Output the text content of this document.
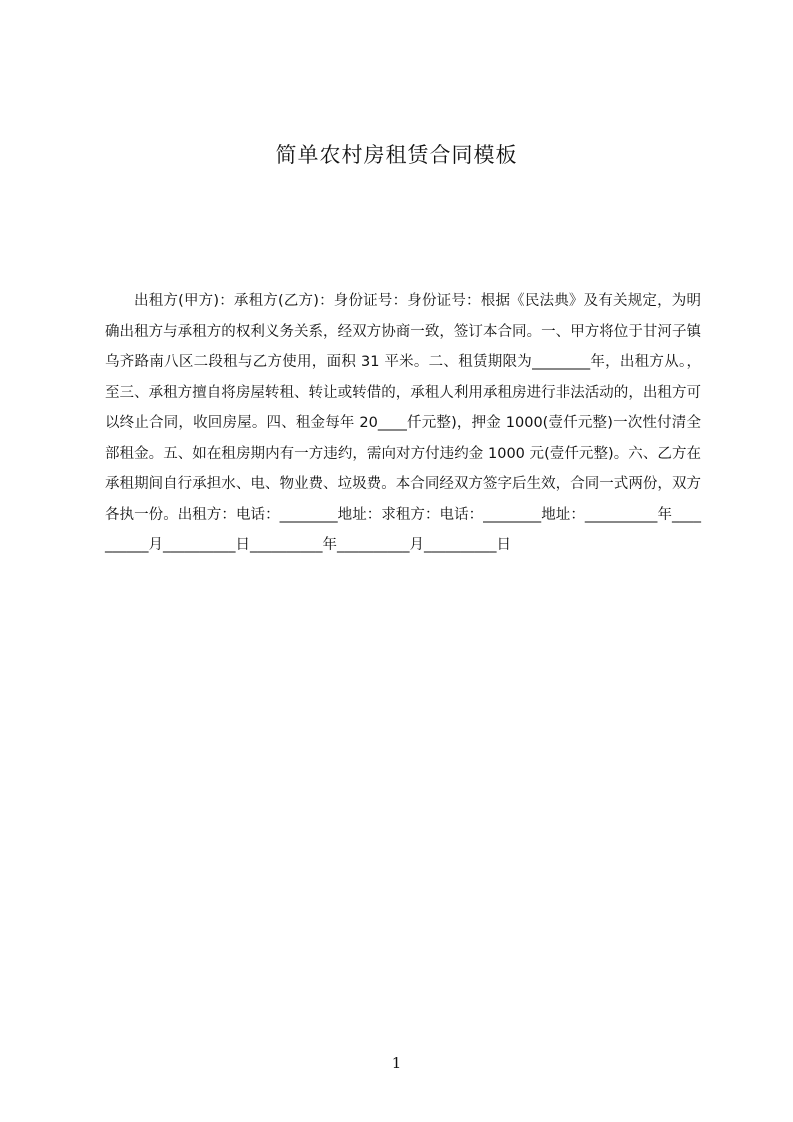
简单农村房租赁合同模板
出租方(甲方)：承租方(乙方)：身份证号：身份证号：根据《民法典》及有关规定，为明确出租方与承租方的权利义务关系，经双方协商一致，签订本合同。一、甲方将位于甘河子镇乌齐路南八区二段租与乙方使用，面积 31 平米。二、租赁期限为________年，出租方从。，至三、承租方擅自将房屋转租、转让或转借的，承租人利用承租房进行非法活动的，出租方可以终止合同，收回房屋。四、租金每年 20____仟元整)，押金 1000(壹仟元整)一次性付清全部租金。五、如在租房期内有一方违约，需向对方付违约金 1000 元(壹仟元整)。六、乙方在承租期间自行承担水、电、物业费、垃圾费。本合同经双方签字后生效，合同一式两份，双方各执一份。出租方：电话：________地址：求租方：电话：________地址：__________年__________月__________日__________年__________月__________日
1
